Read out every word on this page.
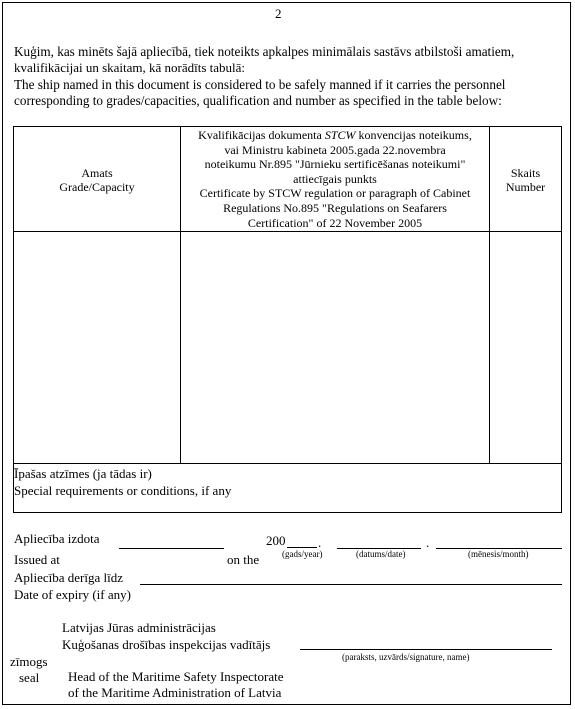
2
Kuģim, kas minēts šajā apliecībā, tiek noteikts apkalpes minimālais sastāvs atbilstoši amatiem,
kvalifikācijai un skaitam, kā norādīts tabulā:
The ship named in this document is considered to be safely manned if it carries the personnel
corresponding to grades/capacities, qualification and number as specified in the table below:
Amats
Grade/Capacity
Kvalifikācijas dokumenta STCW konvencijas noteikums,
vai Ministru kabineta 2005.gada 22.novembra
noteikumu Nr.895 "Jūrnieku sertificēšanas noteikumi"
attiecīgais punkts
Certificate by STCW regulation or paragraph of Cabinet
Regulations No.895 "Regulations on Seafarers
Certification" of 22 November 2005
Skaits
Number
Īpašas atzīmes (ja tādas ir)
Special requirements or conditions, if any
Apliecība izdota
Issued at	on the
200	.
(gads/year)	(datums/date)
.
(mēnesis/month)
Apliecība derīga līdz
Date of expiry (if any)
Latvijas Jūras administrācijas
Kuģošanas drošības inspekcijas vadītājs
(paraksts, uzvārds/signature, name)
zīmogs
seal Head of the Maritime Safety Inspectorate
of the Maritime Administration of Latvia
